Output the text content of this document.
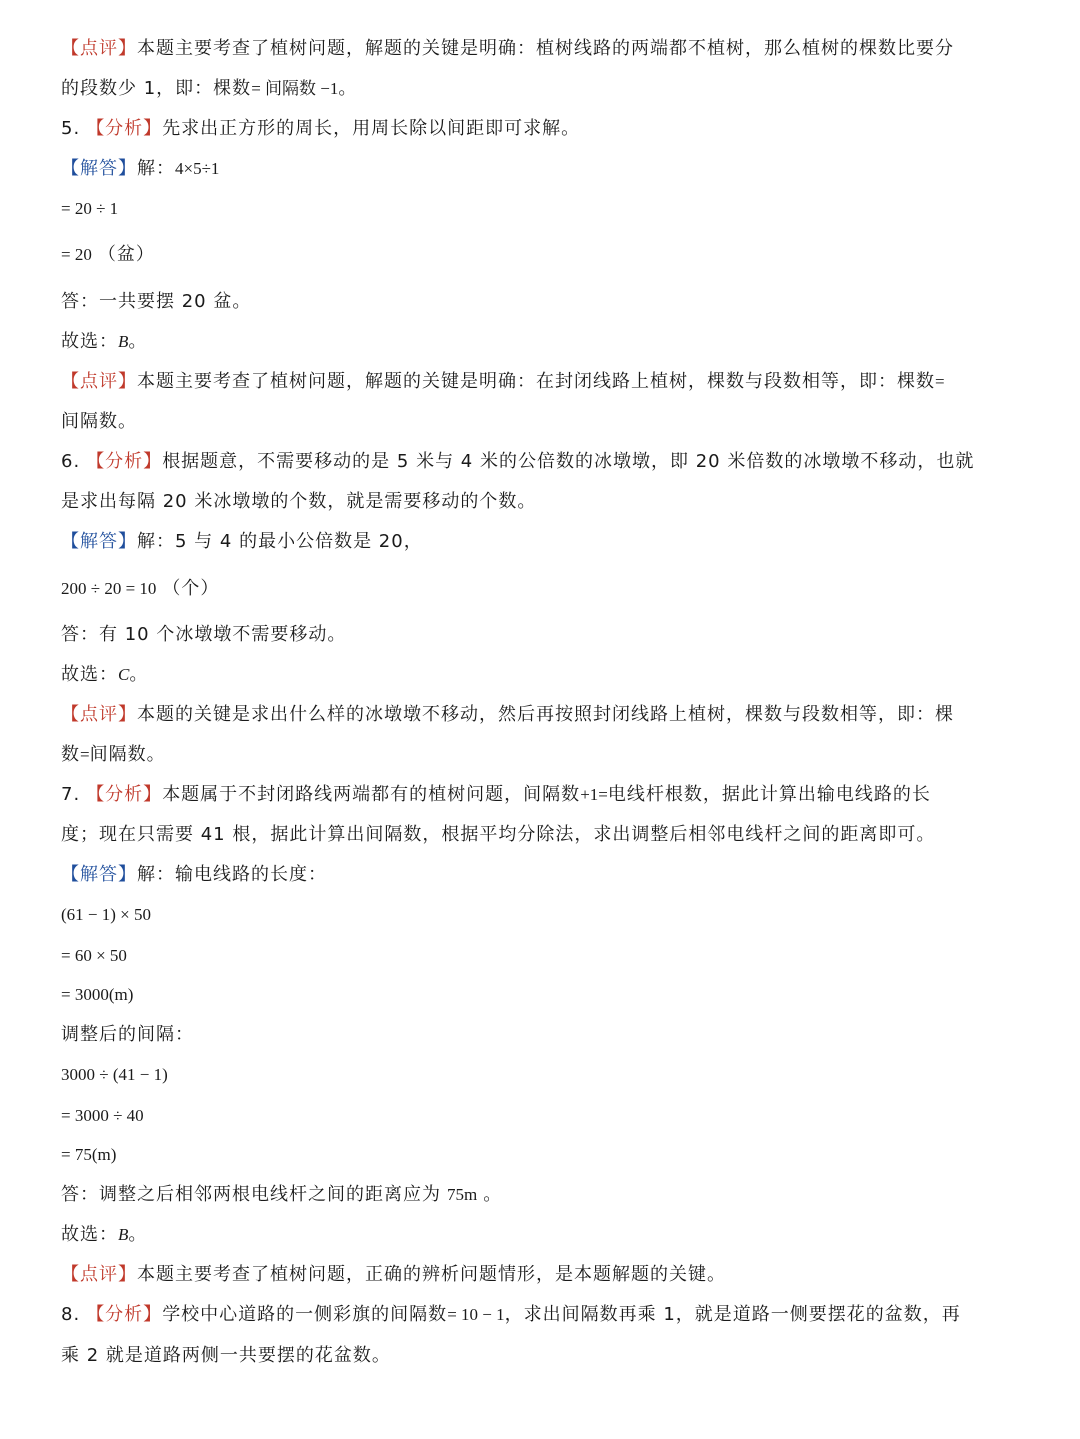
【点评】本题主要考查了植树问题，解题的关键是明确：植树线路的两端都不植树，那么植树的棵数比要分
的段数少 1，即：棵数= 间隔数 −1。
5. 【分析】先求出正方形的周长，用周长除以间距即可求解。
【解答】解：4×5÷1
= 20 ÷ 1
= 20 （盆）
答：一共要摆 20 盆。
故选：B。
【点评】本题主要考查了植树问题，解题的关键是明确：在封闭线路上植树，棵数与段数相等，即：棵数=
间隔数。
6. 【分析】根据题意，不需要移动的是 5 米与 4 米的公倍数的冰墩墩，即 20 米倍数的冰墩墩不移动，也就
是求出每隔 20 米冰墩墩的个数，就是需要移动的个数。
【解答】解：5 与 4 的最小公倍数是 20，
200 ÷ 20 = 10 （个）
答：有 10 个冰墩墩不需要移动。
故选：C。
【点评】本题的关键是求出什么样的冰墩墩不移动，然后再按照封闭线路上植树，棵数与段数相等，即：棵
数=间隔数。
7. 【分析】本题属于不封闭路线两端都有的植树问题，间隔数+1=电线杆根数，据此计算出输电线路的长
度；现在只需要 41 根，据此计算出间隔数，根据平均分除法，求出调整后相邻电线杆之间的距离即可。
【解答】解：输电线路的长度：
(61 − 1) × 50
= 60 × 50
= 3000(m)
调整后的间隔：
3000 ÷ (41 − 1)
= 3000 ÷ 40
= 75(m)
答：调整之后相邻两根电线杆之间的距离应为 75m 。
故选：B。
【点评】本题主要考查了植树问题，正确的辨析问题情形，是本题解题的关键。
8. 【分析】学校中心道路的一侧彩旗的间隔数= 10 − 1，求出间隔数再乘 1，就是道路一侧要摆花的盆数，再
乘 2 就是道路两侧一共要摆的花盆数。
